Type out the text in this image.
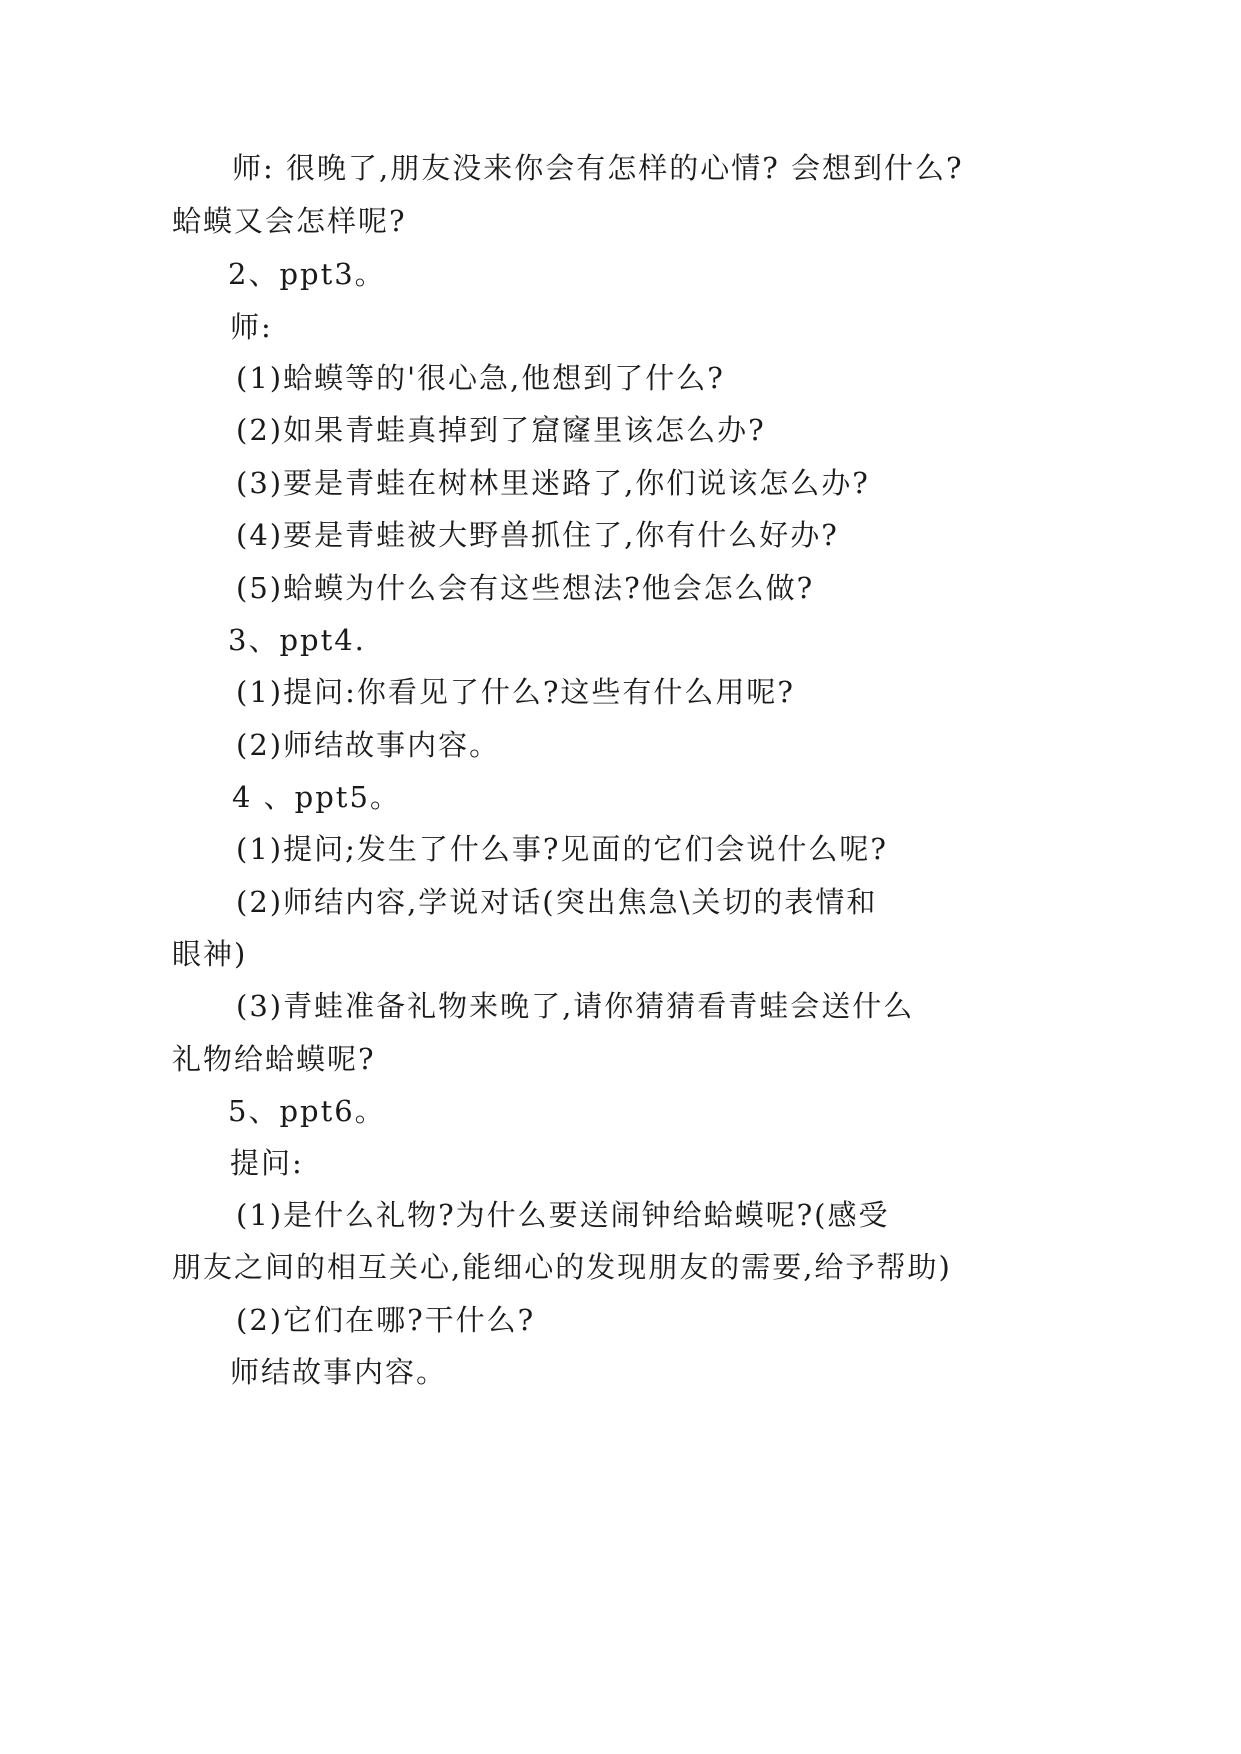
师: 很晚了,朋友没来你会有怎样的心情? 会想到什么?
蛤蟆又会怎样呢?
2、ppt3。
师:
(1)蛤蟆等的'很心急,他想到了什么?
(2)如果青蛙真掉到了窟窿里该怎么办?
(3)要是青蛙在树林里迷路了,你们说该怎么办?
(4)要是青蛙被大野兽抓住了,你有什么好办?
(5)蛤蟆为什么会有这些想法?他会怎么做?
3、ppt4.
(1)提问:你看见了什么?这些有什么用呢?
(2)师结故事内容。
4 、ppt5。
(1)提问;发生了什么事?见面的它们会说什么呢?
(2)师结内容,学说对话(突出焦急\关切的表情和
眼神)
(3)青蛙准备礼物来晚了,请你猜猜看青蛙会送什么
礼物给蛤蟆呢?
5、ppt6。
提问:
(1)是什么礼物?为什么要送闹钟给蛤蟆呢?(感受
朋友之间的相互关心,能细心的发现朋友的需要,给予帮助)
(2)它们在哪?干什么?
师结故事内容。
